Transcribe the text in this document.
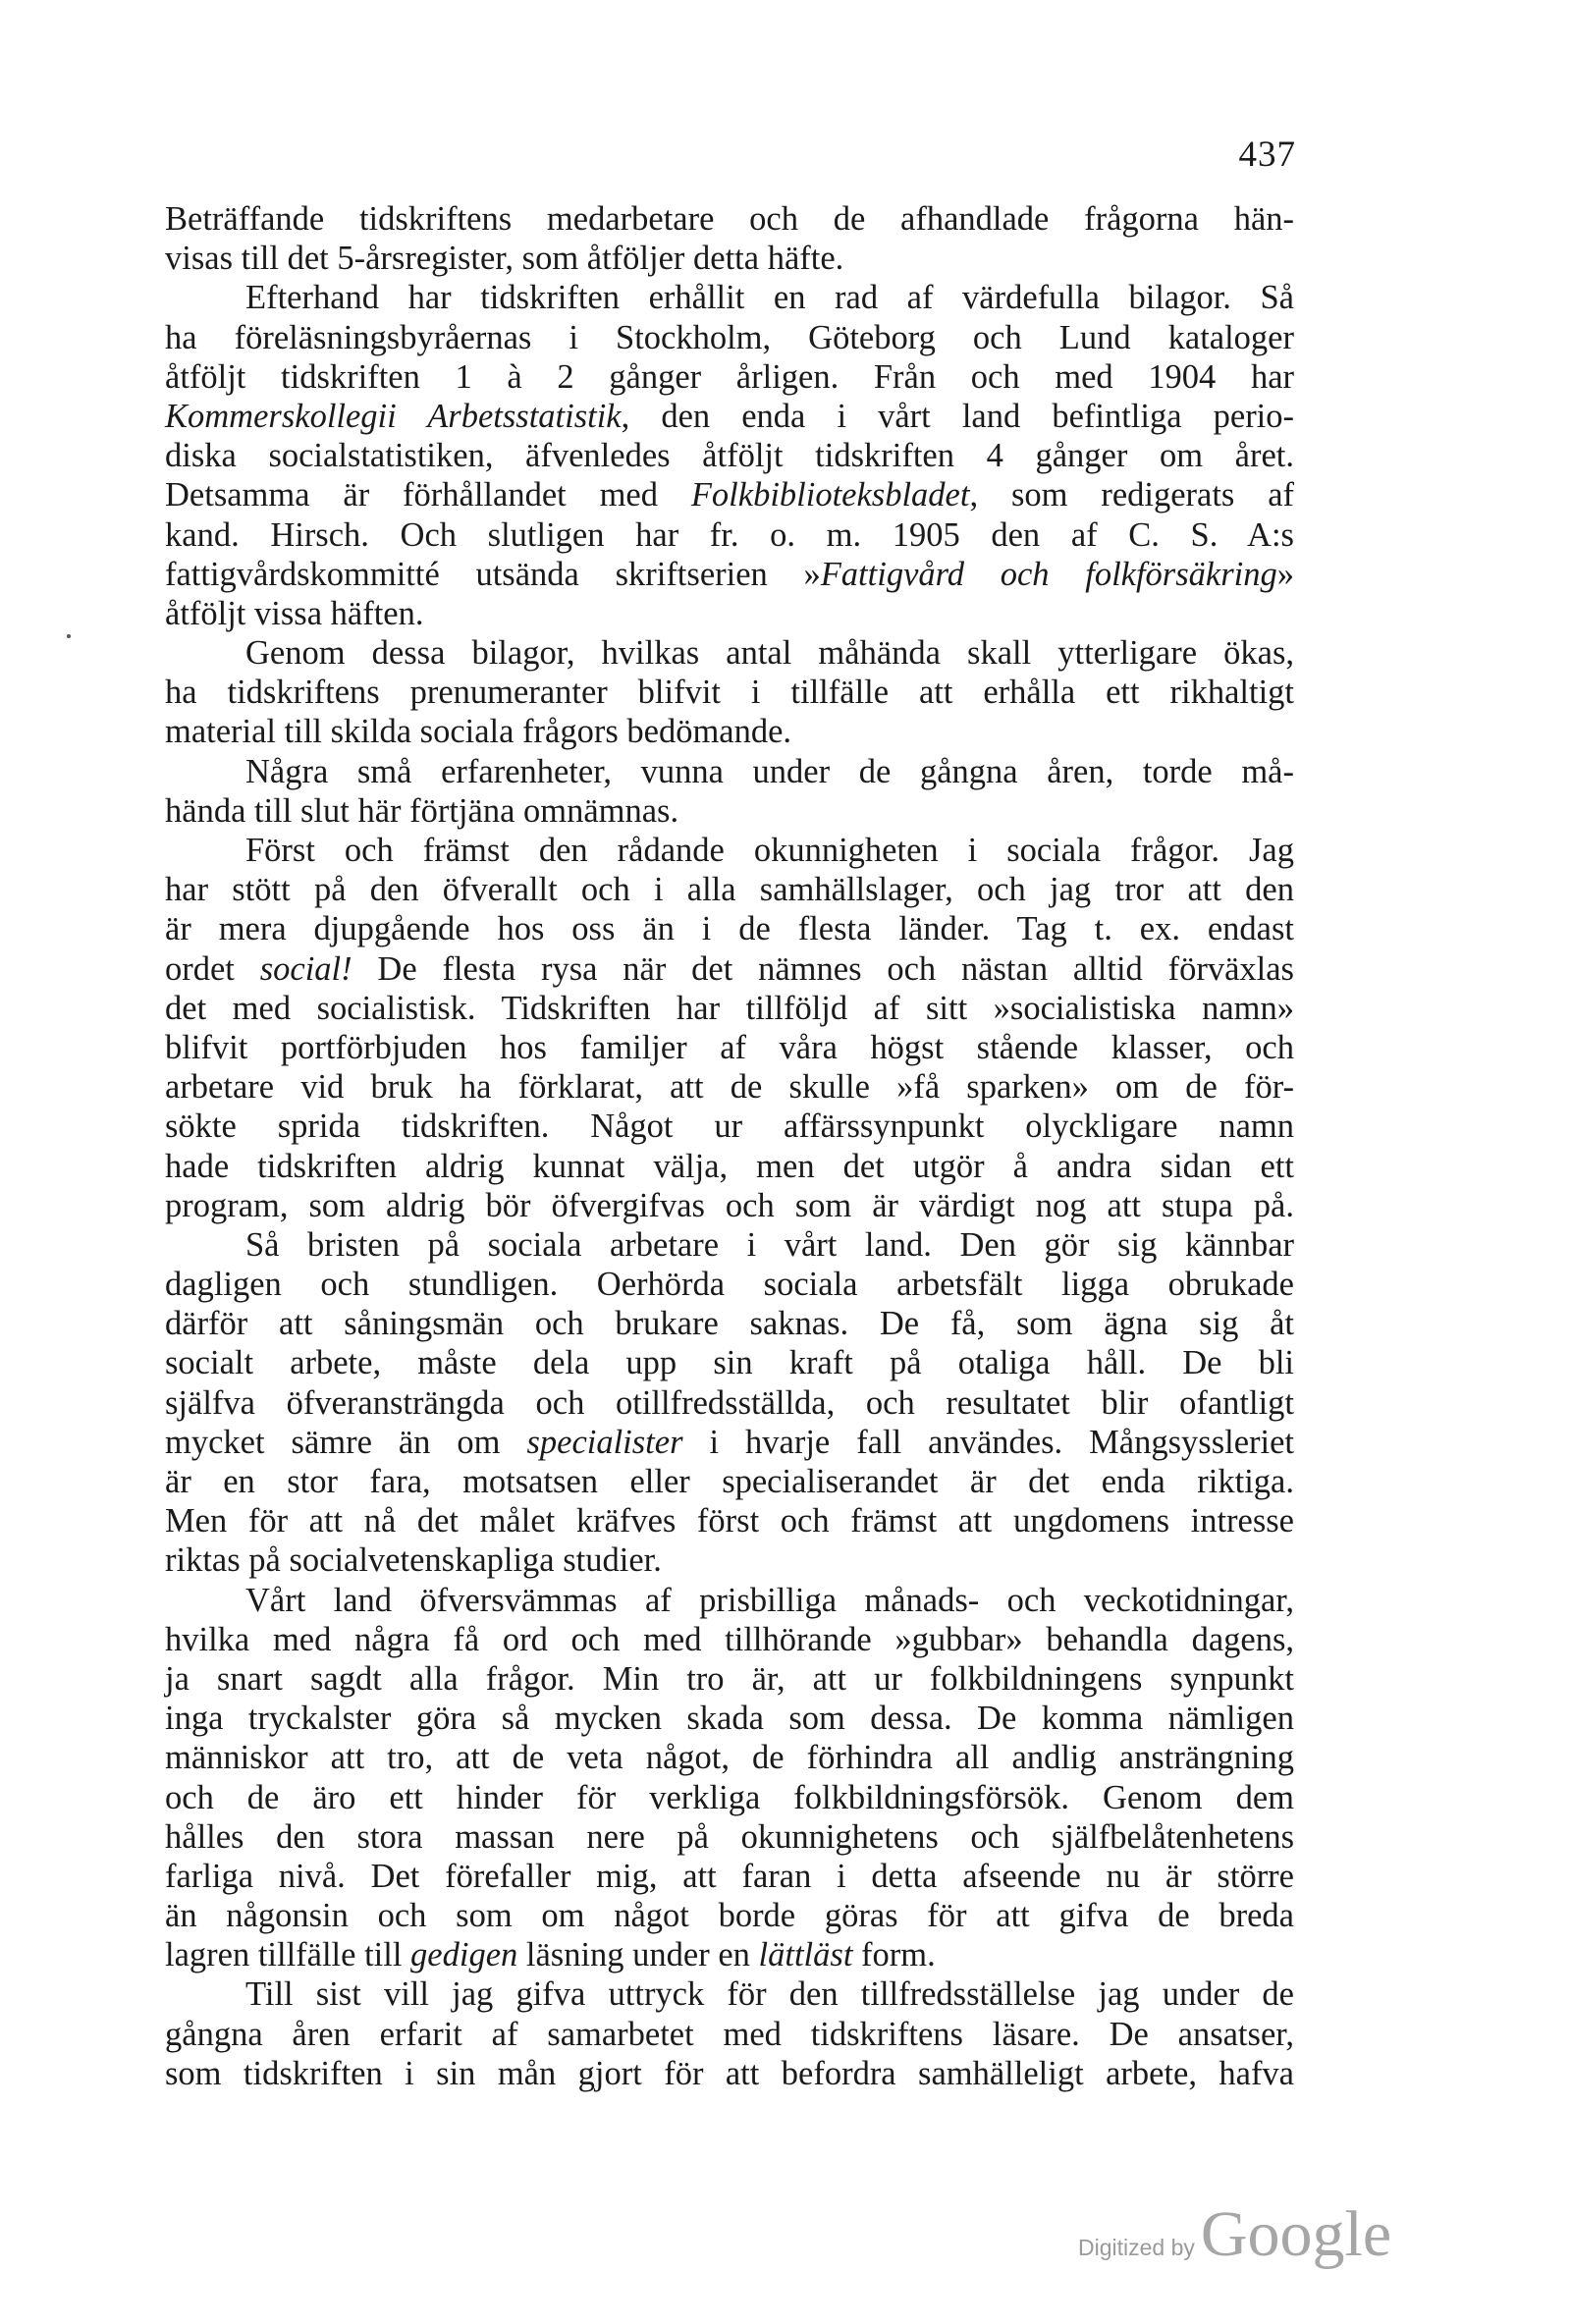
437
Beträffande tidskriftens medarbetare och de afhandlade frågorna hän-
visas till det 5-årsregister, som åtföljer detta häfte.
Efterhand har tidskriften erhållit en rad af värdefulla bilagor. Så
ha föreläsningsbyråernas i Stockholm, Göteborg och Lund kataloger
åtföljt tidskriften 1 à 2 gånger årligen. Från och med 1904 har
Kommerskollegii Arbetsstatistik, den enda i vårt land befintliga perio-
diska socialstatistiken, äfvenledes åtföljt tidskriften 4 gånger om året.
Detsamma är förhållandet med Folkbiblioteksbladet, som redigerats af
kand. Hirsch. Och slutligen har fr. o. m. 1905 den af C. S. A:s
fattigvårdskommitté utsända skriftserien »Fattigvård och folkförsäkring»
åtföljt vissa häften.
Genom dessa bilagor, hvilkas antal måhända skall ytterligare ökas,
ha tidskriftens prenumeranter blifvit i tillfälle att erhålla ett rikhaltigt
material till skilda sociala frågors bedömande.
Några små erfarenheter, vunna under de gångna åren, torde må-
hända till slut här förtjäna omnämnas.
Först och främst den rådande okunnigheten i sociala frågor. Jag
har stött på den öfverallt och i alla samhällslager, och jag tror att den
är mera djupgående hos oss än i de flesta länder. Tag t. ex. endast
ordet social! De flesta rysa när det nämnes och nästan alltid förväxlas
det med socialistisk. Tidskriften har tillföljd af sitt »socialistiska namn»
blifvit portförbjuden hos familjer af våra högst stående klasser, och
arbetare vid bruk ha förklarat, att de skulle »få sparken» om de för-
sökte sprida tidskriften. Något ur affärssynpunkt olyckligare namn
hade tidskriften aldrig kunnat välja, men det utgör å andra sidan ett
program, som aldrig bör öfvergifvas och som är värdigt nog att stupa på.
Så bristen på sociala arbetare i vårt land. Den gör sig kännbar
dagligen och stundligen. Oerhörda sociala arbetsfält ligga obrukade
därför att såningsmän och brukare saknas. De få, som ägna sig åt
socialt arbete, måste dela upp sin kraft på otaliga håll. De bli
själfva öfveransträngda och otillfredsställda, och resultatet blir ofantligt
mycket sämre än om specialister i hvarje fall användes. Mångsyssleriet
är en stor fara, motsatsen eller specialiserandet är det enda riktiga.
Men för att nå det målet kräfves först och främst att ungdomens intresse
riktas på socialvetenskapliga studier.
Vårt land öfversvämmas af prisbilliga månads- och veckotidningar,
hvilka med några få ord och med tillhörande »gubbar» behandla dagens,
ja snart sagdt alla frågor. Min tro är, att ur folkbildningens synpunkt
inga tryckalster göra så mycken skada som dessa. De komma nämligen
människor att tro, att de veta något, de förhindra all andlig ansträngning
och de äro ett hinder för verkliga folkbildningsförsök. Genom dem
hålles den stora massan nere på okunnighetens och själfbelåtenhetens
farliga nivå. Det förefaller mig, att faran i detta afseende nu är större
än någonsin och som om något borde göras för att gifva de breda
lagren tillfälle till gedigen läsning under en lättläst form.
Till sist vill jag gifva uttryck för den tillfredsställelse jag under de
gångna åren erfarit af samarbetet med tidskriftens läsare. De ansatser,
som tidskriften i sin mån gjort för att befordra samhälleligt arbete, hafva
Digitized by Google
